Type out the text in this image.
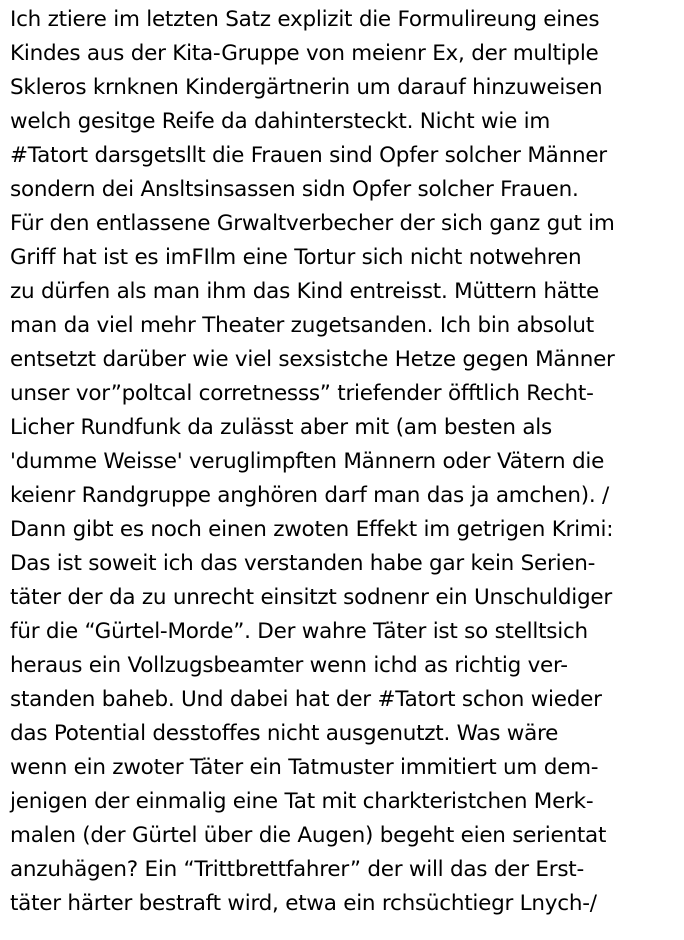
Ich ztiere im letzten Satz explizit die Formulireung eines
Kindes aus der Kita-Gruppe von meienr Ex, der multiple
Skleros krnknen Kindergärtnerin um darauf hinzuweisen
welch gesitge Reife da dahintersteckt. Nicht wie im
#Tatort darsgetsllt die Frauen sind Opfer solcher Männer
sondern dei Ansltsinsassen sidn Opfer solcher Frauen.
Für den entlassene Grwaltverbecher der sich ganz gut im
Griff hat ist es imFIlm eine Tortur sich nicht notwehren
zu dürfen als man ihm das Kind entreisst. Müttern hätte
man da viel mehr Theater zugetsanden. Ich bin absolut
entsetzt darüber wie viel sexsistche Hetze gegen Männer
unser vor”poltcal corretnesss” triefender öfftlich Recht-
Licher Rundfunk da zulässt aber mit (am besten als
'dumme Weisse' veruglimpften Männern oder Vätern die
keienr Randgruppe anghören darf man das ja amchen). /
Dann gibt es noch einen zwoten Effekt im getrigen Krimi:
Das ist soweit ich das verstanden habe gar kein Serien-
täter der da zu unrecht einsitzt sodnenr ein Unschuldiger
für die “Gürtel-Morde”. Der wahre Täter ist so stelltsich
heraus ein Vollzugsbeamter wenn ichd as richtig ver-
standen baheb. Und dabei hat der #Tatort schon wieder
das Potential desstoffes nicht ausgenutzt. Was wäre
wenn ein zwoter Täter ein Tatmuster immitiert um dem-
jenigen der einmalig eine Tat mit charkteristchen Merk-
malen (der Gürtel über die Augen) begeht eien serientat
anzuhägen? Ein “Trittbrettfahrer” der will das der Erst-
täter härter bestraft wird, etwa ein rchsüchtiegr Lnych-/
